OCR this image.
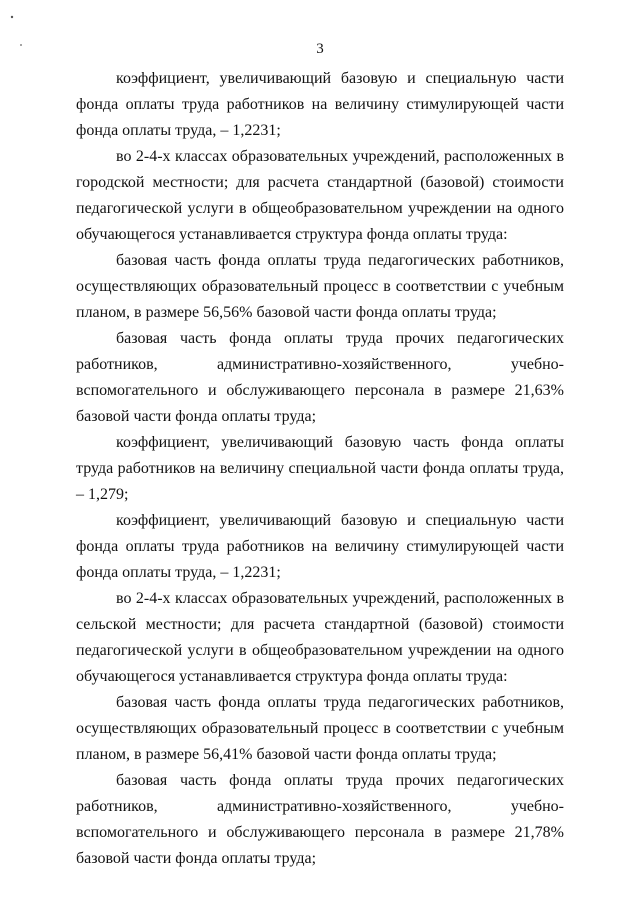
3

коэффициент, увеличивающий базовую и специальную части фонда оплаты труда работников на величину стимулирующей части фонда оплаты труда, – 1,2231;

во 2-4-х классах образовательных учреждений, расположенных в городской местности; для расчета стандартной (базовой) стоимости педагогической услуги в общеобразовательном учреждении на одного обучающегося устанавливается структура фонда оплаты труда:

базовая часть фонда оплаты труда педагогических работников, осуществляющих образовательный процесс в соответствии с учебным планом, в размере 56,56% базовой части фонда оплаты труда;

базовая часть фонда оплаты труда прочих педагогических работников, административно-хозяйственного, учебно-вспомогательного и обслуживающего персонала в размере 21,63% базовой части фонда оплаты труда;

коэффициент, увеличивающий базовую часть фонда оплаты труда работников на величину специальной части фонда оплаты труда, – 1,279;

коэффициент, увеличивающий базовую и специальную части фонда оплаты труда работников на величину стимулирующей части фонда оплаты труда, – 1,2231;

во 2-4-х классах образовательных учреждений, расположенных в сельской местности; для расчета стандартной (базовой) стоимости педагогической услуги в общеобразовательном учреждении на одного обучающегося устанавливается структура фонда оплаты труда:

базовая часть фонда оплаты труда педагогических работников, осуществляющих образовательный процесс в соответствии с учебным планом, в размере 56,41% базовой части фонда оплаты труда;

базовая часть фонда оплаты труда прочих педагогических работников, административно-хозяйственного, учебно-вспомогательного и обслуживающего персонала в размере 21,78% базовой части фонда оплаты труда;
